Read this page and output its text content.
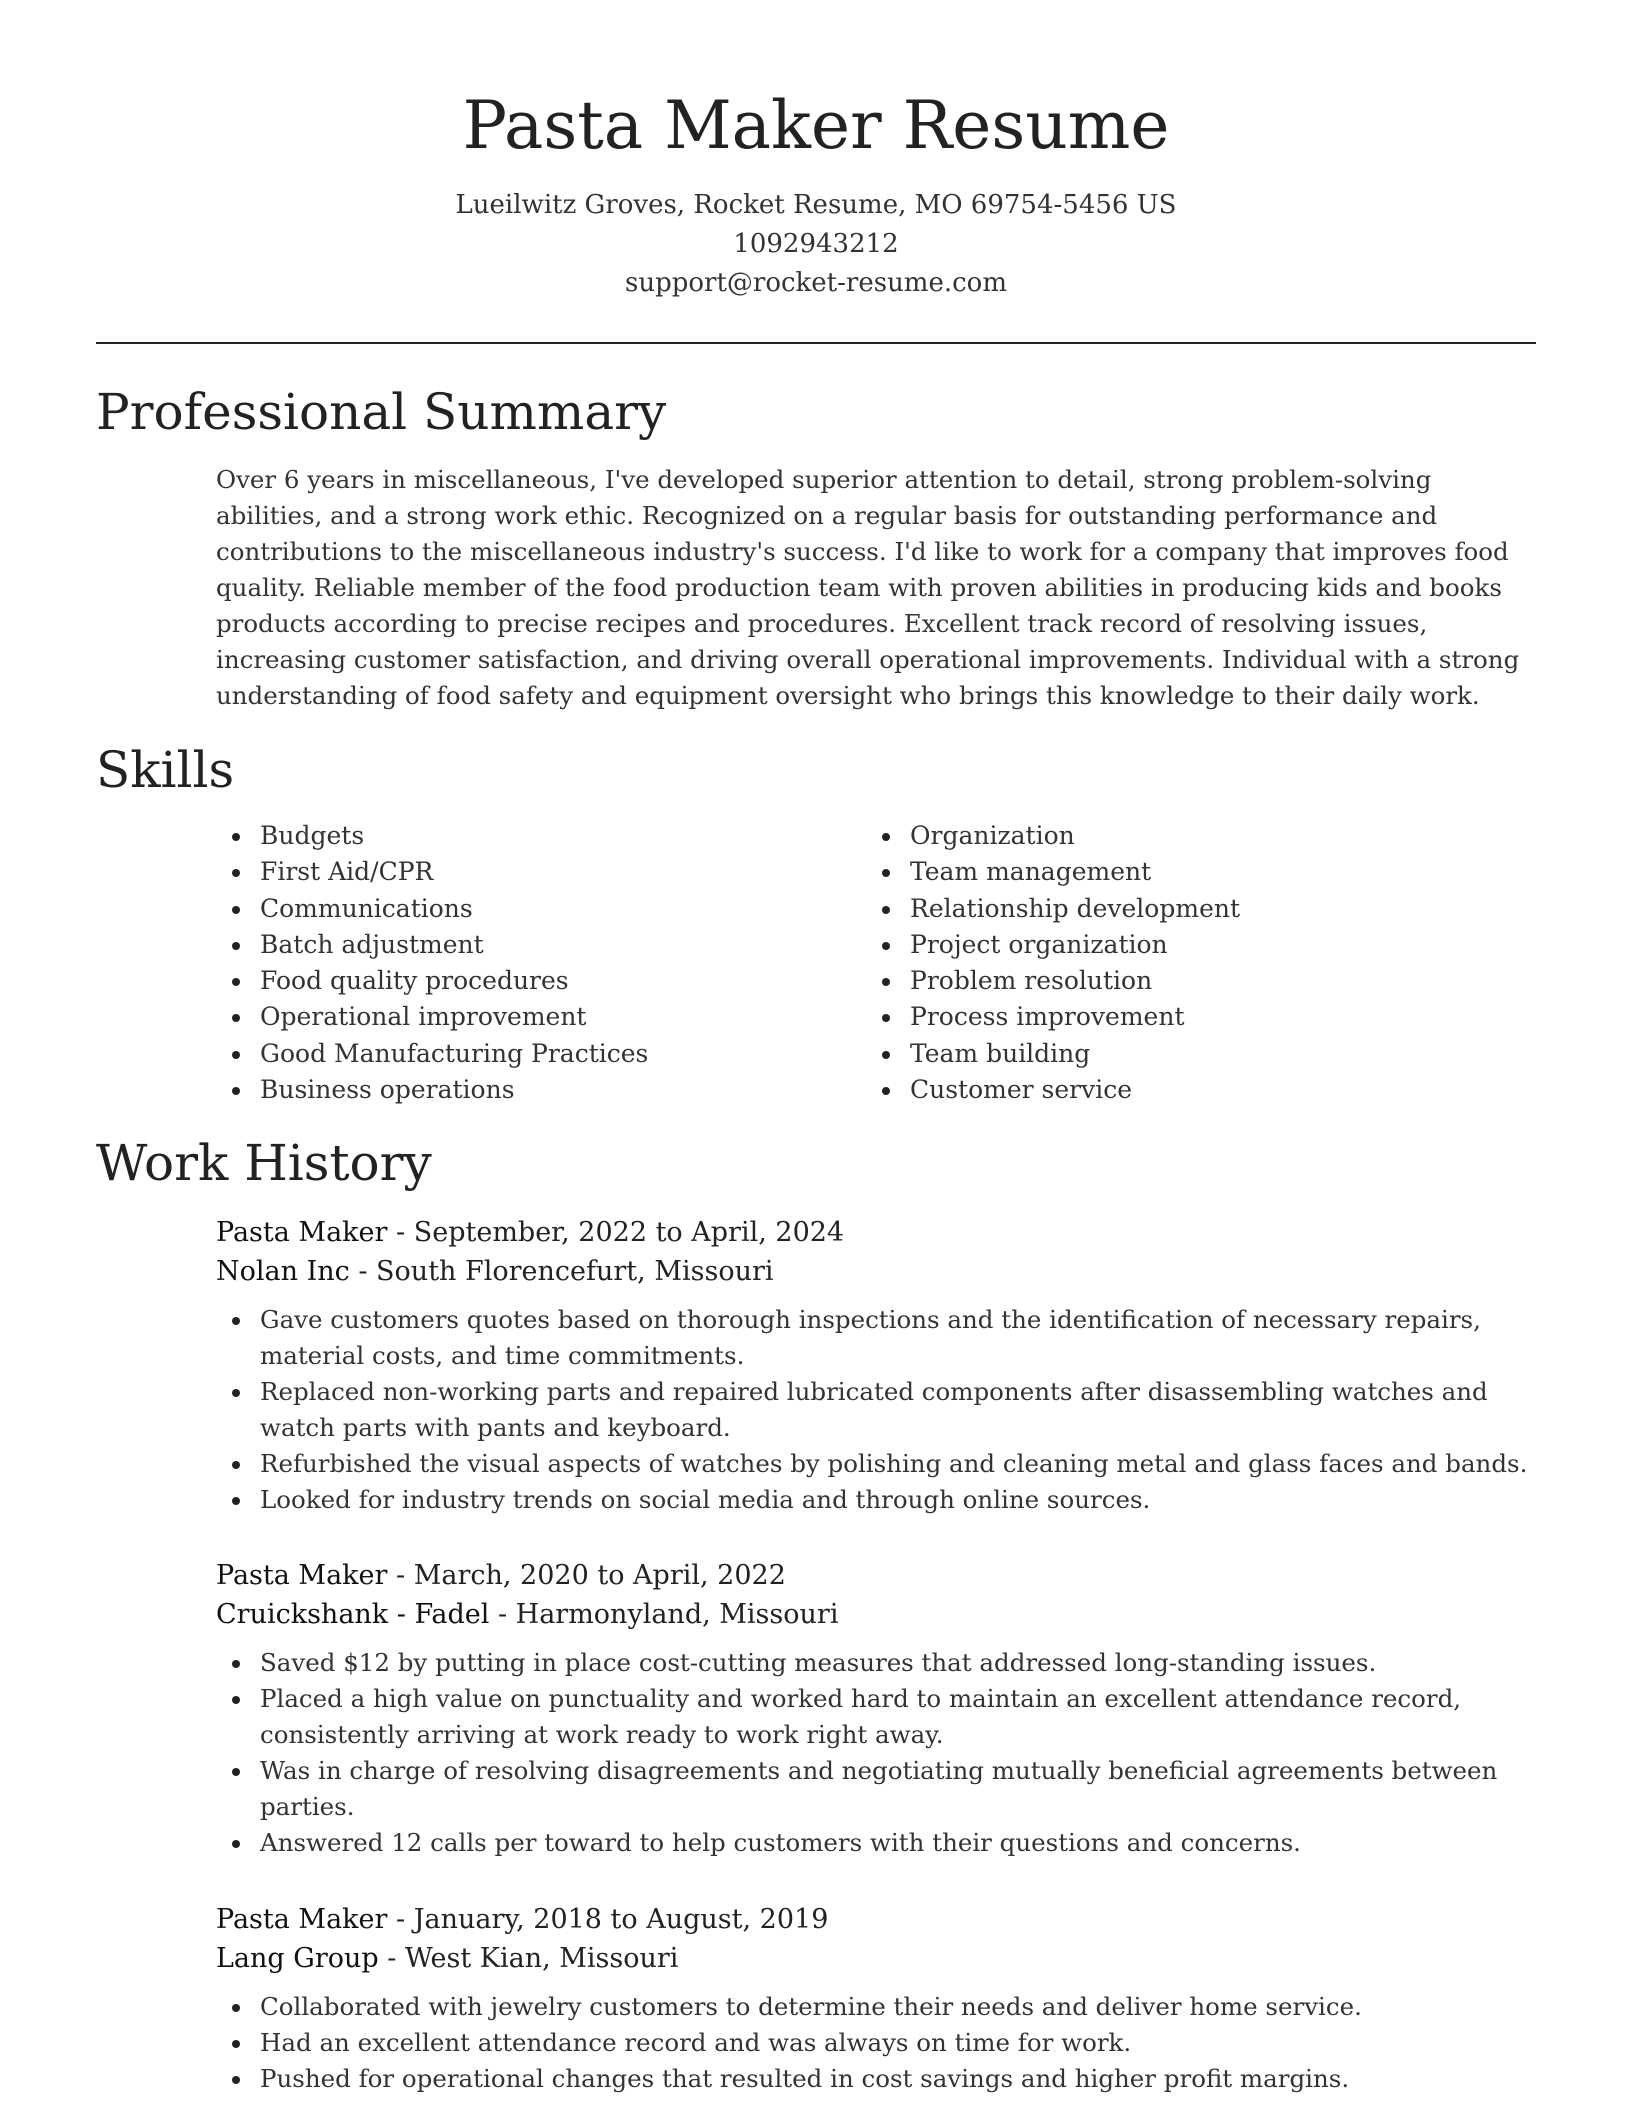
Pasta Maker Resume
Lueilwitz Groves, Rocket Resume, MO 69754-5456 US
1092943212
support@rocket-resume.com
Professional Summary

Over 6 years in miscellaneous, I've developed superior attention to detail, strong problem-solving abilities, and a strong work ethic. Recognized on a regular basis for outstanding performance and contributions to the miscellaneous industry's success. I'd like to work for a company that improves food quality. Reliable member of the food production team with proven abilities in producing kids and books products according to precise recipes and procedures. Excellent track record of resolving issues, increasing customer satisfaction, and driving overall operational improvements. Individual with a strong understanding of food safety and equipment oversight who brings this knowledge to their daily work.

Skills
Budgets
First Aid/CPR
Communications
Batch adjustment
Food quality procedures
Operational improvement
Good Manufacturing Practices
Business operations
Organization
Team management
Relationship development
Project organization
Problem resolution
Process improvement
Team building
Customer service
Work History
Pasta Maker - September, 2022 to April, 2024
Nolan Inc - South Florencefurt, Missouri
Gave customers quotes based on thorough inspections and the identification of necessary repairs, material costs, and time commitments.
Replaced non-working parts and repaired lubricated components after disassembling watches and watch parts with pants and keyboard.
Refurbished the visual aspects of watches by polishing and cleaning metal and glass faces and bands.
Looked for industry trends on social media and through online sources.
Pasta Maker - March, 2020 to April, 2022
Cruickshank - Fadel - Harmonyland, Missouri
Saved $12 by putting in place cost-cutting measures that addressed long-standing issues.
Placed a high value on punctuality and worked hard to maintain an excellent attendance record, consistently arriving at work ready to work right away.
Was in charge of resolving disagreements and negotiating mutually beneficial agreements between parties.
Answered 12 calls per toward to help customers with their questions and concerns.
Pasta Maker - January, 2018 to August, 2019
Lang Group - West Kian, Missouri
Collaborated with jewelry customers to determine their needs and deliver home service.
Had an excellent attendance record and was always on time for work.
Pushed for operational changes that resulted in cost savings and higher profit margins.
